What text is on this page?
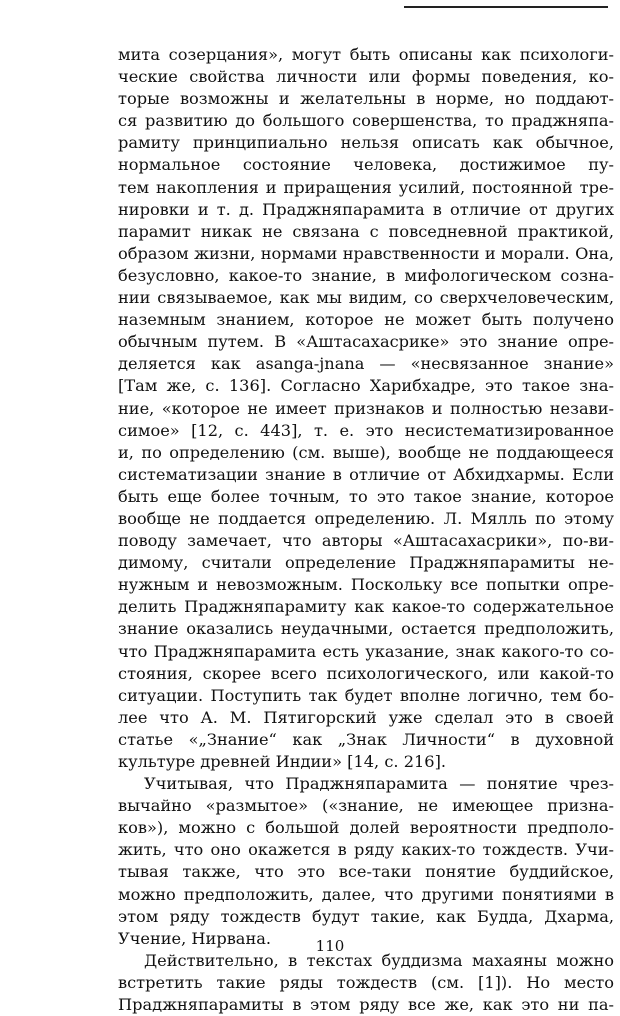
мита созерцания», могут быть описаны как психологи-
ческие свойства личности или формы поведения, ко-
торые возможны и желательны в норме, но поддают-
ся развитию до большого совершенства, то праджняпа-
рамиту принципиально нельзя описать как обычное,
нормальное состояние человека, достижимое пу-
тем накопления и приращения усилий, постоянной тре-
нировки и т. д. Праджняпарамита в отличие от других
парамит никак не связана с повседневной практикой,
образом жизни, нормами нравственности и морали. Она,
безусловно, какое-то знание, в мифологическом созна-
нии связываемое, как мы видим, со сверхчеловеческим,
наземным знанием, которое не может быть получено
обычным путем. В «Аштасахасрике» это знание опре-
деляется как asanga-jnana — «несвязанное знание»
[Там же, с. 136]. Согласно Харибхадре, это такое зна-
ние, «которое не имеет признаков и полностью незави-
симое» [12, с. 443], т. е. это несистематизированное
и, по определению (см. выше), вообще не поддающееся
систематизации знание в отличие от Абхидхармы. Если
быть еще более точным, то это такое знание, которое
вообще не поддается определению. Л. Мялль по этому
поводу замечает, что авторы «Аштасахасрики», по-ви-
димому, считали определение Праджняпарамиты не-
нужным и невозможным. Поскольку все попытки опре-
делить Праджняпарамиту как какое-то содержательное
знание оказались неудачными, остается предположить,
что Праджняпарамита есть указание, знак какого-то со-
стояния, скорее всего психологического, или какой-то
ситуации. Поступить так будет вполне логично, тем бо-
лее что А. М. Пятигорский уже сделал это в своей
статье «„Знание“ как „Знак Личности“ в духовной
культуре древней Индии» [14, с. 216].
Учитывая, что Праджняпарамита — понятие чрез-
вычайно «размытое» («знание, не имеющее призна-
ков»), можно с большой долей вероятности предполо-
жить, что оно окажется в ряду каких-то тождеств. Учи-
тывая также, что это все-таки понятие буддийское,
можно предположить, далее, что другими понятиями в
этом ряду тождеств будут такие, как Будда, Дхарма,
Учение, Нирвана.
Действительно, в текстах буддизма махаяны можно
встретить такие ряды тождеств (см. [1]). Но место
Праджняпарамиты в этом ряду все же, как это ни па-
110
